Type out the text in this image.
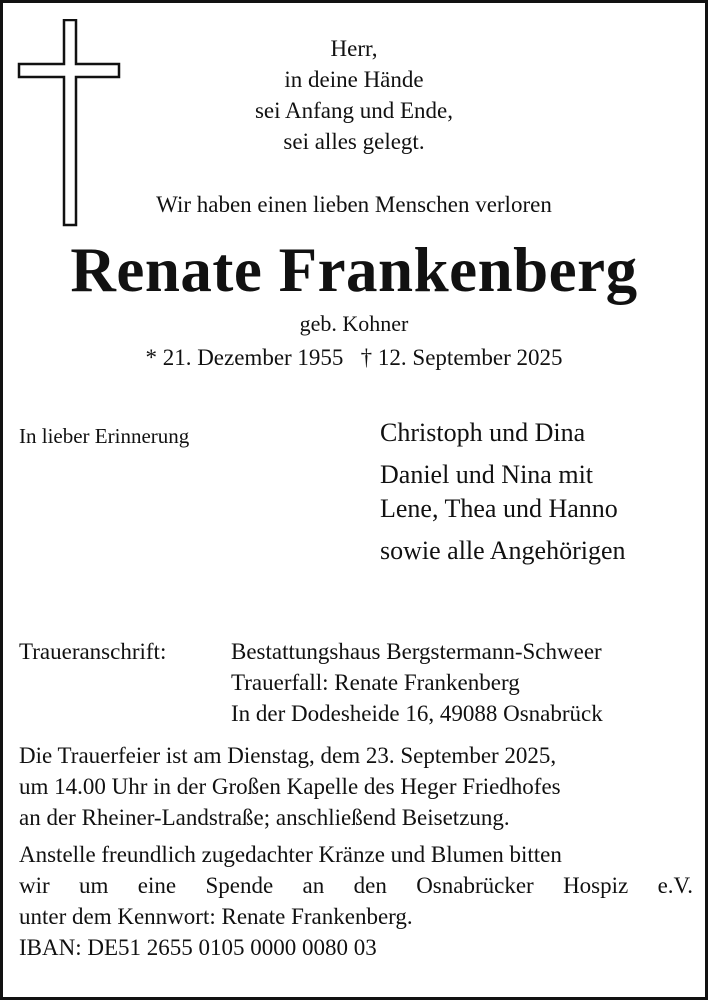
Herr,
in deine Hände
sei Anfang und Ende,
sei alles gelegt.
Wir haben einen lieben Menschen verloren
Renate Frankenberg
geb. Kohner
* 21. Dezember 1955   † 12. September 2025
In lieber Erinnerung	Christoph und Dina
Daniel und Nina mit
Lene, Thea und Hanno
sowie alle Angehörigen
Traueranschrift:	Bestattungshaus Bergstermann-Schweer
Trauerfall: Renate Frankenberg
In der Dodesheide 16, 49088 Osnabrück
Die Trauerfeier ist am Dienstag, dem 23. September 2025,
um 14.00 Uhr in der Großen Kapelle des Heger Friedhofes
an der Rheiner-Landstraße; anschließend Beisetzung.
Anstelle freundlich zugedachter Kränze und Blumen bitten
wir um eine Spende an den Osnabrücker Hospiz e.V.
unter dem Kennwort: Renate Frankenberg.
IBAN: DE51 2655 0105 0000 0080 03
